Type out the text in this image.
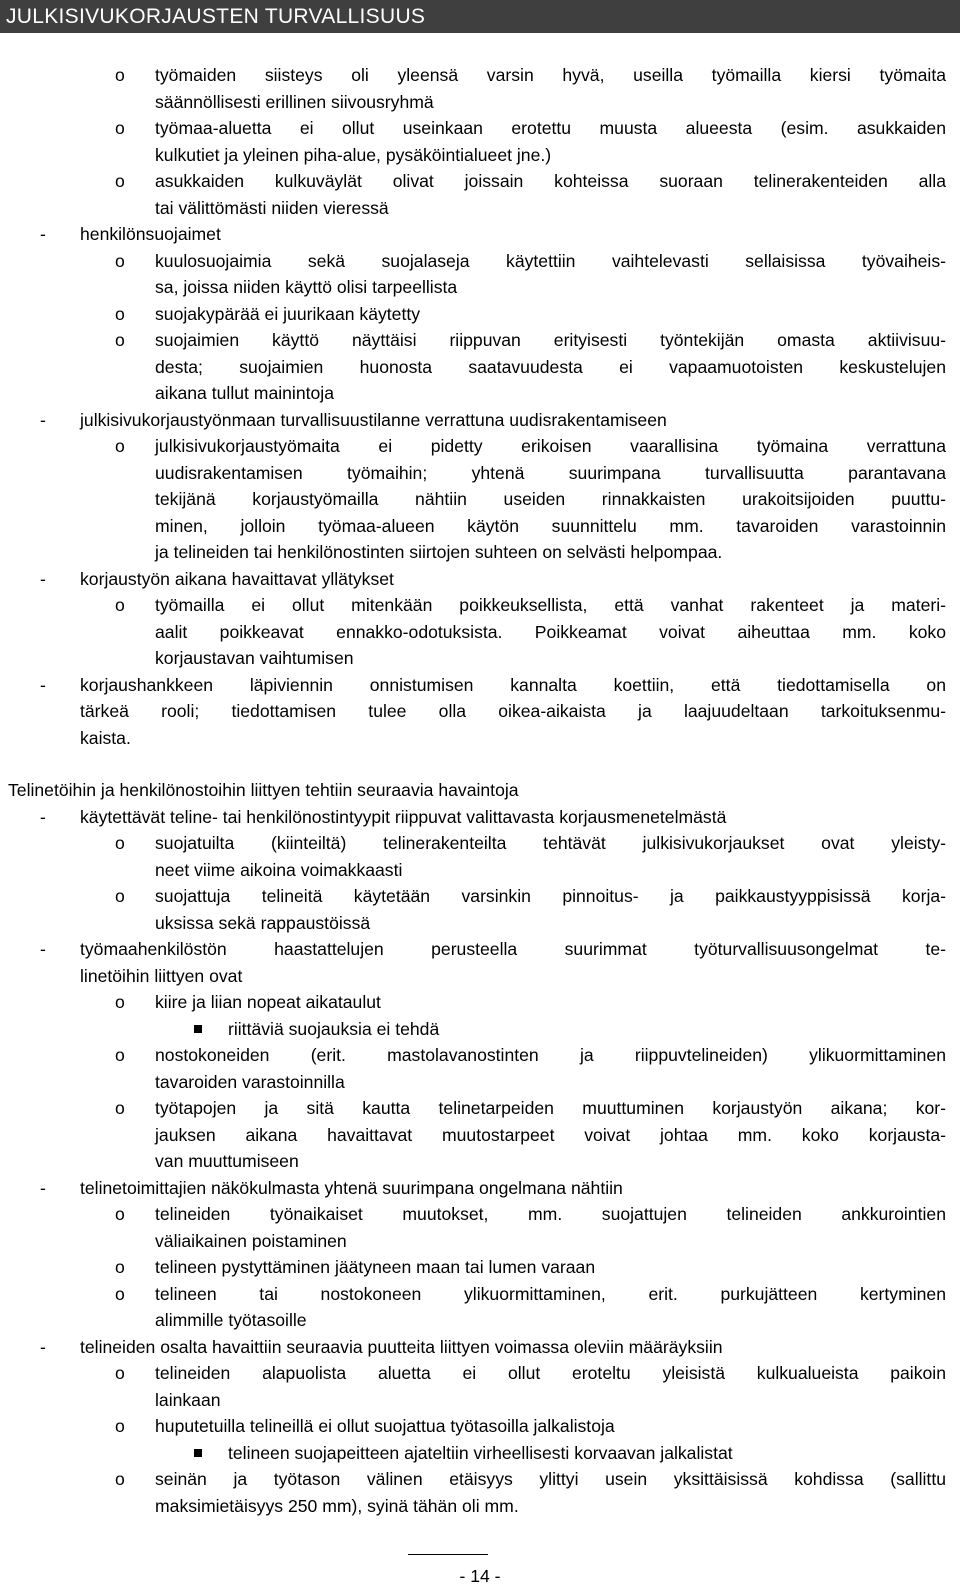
JULKISIVUKORJAUSTEN TURVALLISUUS
o työmaiden siisteys oli yleensä varsin hyvä, useilla työmailla kiersi työmaita
säännöllisesti erillinen siivousryhmä
o työmaa-aluetta ei ollut useinkaan erotettu muusta alueesta (esim. asukkaiden
kulkutiet ja yleinen piha-alue, pysäköintialueet jne.)
o asukkaiden kulkuväylät olivat joissain kohteissa suoraan telinerakenteiden alla
tai välittömästi niiden vieressä
- henkilönsuojaimet
o kuulosuojaimia sekä suojalaseja käytettiin vaihtelevasti sellaisissa työvaiheis-
sa, joissa niiden käyttö olisi tarpeellista
o suojakypärää ei juurikaan käytetty
o suojaimien käyttö näyttäisi riippuvan erityisesti työntekijän omasta aktiivisuu-
desta; suojaimien huonosta saatavuudesta ei vapaamuotoisten keskustelujen
aikana tullut mainintoja
- julkisivukorjaustyönmaan turvallisuustilanne verrattuna uudisrakentamiseen
o julkisivukorjaustyömaita ei pidetty erikoisen vaarallisina työmaina verrattuna
uudisrakentamisen työmaihin; yhtenä suurimpana turvallisuutta parantavana
tekijänä korjaustyömailla nähtiin useiden rinnakkaisten urakoitsijoiden puuttu-
minen, jolloin työmaa-alueen käytön suunnittelu mm. tavaroiden varastoinnin
ja telineiden tai henkilönostinten siirtojen suhteen on selvästi helpompaa.
- korjaustyön aikana havaittavat yllätykset
o työmailla ei ollut mitenkään poikkeuksellista, että vanhat rakenteet ja materi-
aalit poikkeavat ennakko-odotuksista. Poikkeamat voivat aiheuttaa mm. koko
korjaustavan vaihtumisen
- korjaushankkeen läpiviennin onnistumisen kannalta koettiin, että tiedottamisella on
tärkeä rooli; tiedottamisen tulee olla oikea-aikaista ja laajuudeltaan tarkoituksenmu-
kaista.
Telinetöihin ja henkilönostoihin liittyen tehtiin seuraavia havaintoja
- käytettävät teline- tai henkilönostintyypit riippuvat valittavasta korjausmenetelmästä
o suojatuilta (kiinteiltä) telinerakenteilta tehtävät julkisivukorjaukset ovat yleisty-
neet viime aikoina voimakkaasti
o suojattuja telineitä käytetään varsinkin pinnoitus- ja paikkaustyyppisissä korja-
uksissa sekä rappaustöissä
- työmaahenkilöstön haastattelujen perusteella suurimmat työturvallisuusongelmat te-
linetöihin liittyen ovat
o kiire ja liian nopeat aikataulut
riittäviä suojauksia ei tehdä
o nostokoneiden (erit. mastolavanostinten ja riippuvtelineiden) ylikuormittaminen
tavaroiden varastoinnilla
o työtapojen ja sitä kautta telinetarpeiden muuttuminen korjaustyön aikana; kor-
jauksen aikana havaittavat muutostarpeet voivat johtaa mm. koko korjausta-
van muuttumiseen
- telinetoimittajien näkökulmasta yhtenä suurimpana ongelmana nähtiin
o telineiden työnaikaiset muutokset, mm. suojattujen telineiden ankkurointien
väliaikainen poistaminen
o telineen pystyttäminen jäätyneen maan tai lumen varaan
o telineen tai nostokoneen ylikuormittaminen, erit. purkujätteen kertyminen
alimmille työtasoille
- telineiden osalta havaittiin seuraavia puutteita liittyen voimassa oleviin määräyksiin
o telineiden alapuolista aluetta ei ollut eroteltu yleisistä kulkualueista paikoin
lainkaan
o huputetuilla telineillä ei ollut suojattua työtasoilla jalkalistoja
telineen suojapeitteen ajateltiin virheellisesti korvaavan jalkalistat
o seinän ja työtason välinen etäisyys ylittyi usein yksittäisissä kohdissa (sallittu
maksimietäisyys 250 mm), syinä tähän oli mm.
- 14 -
